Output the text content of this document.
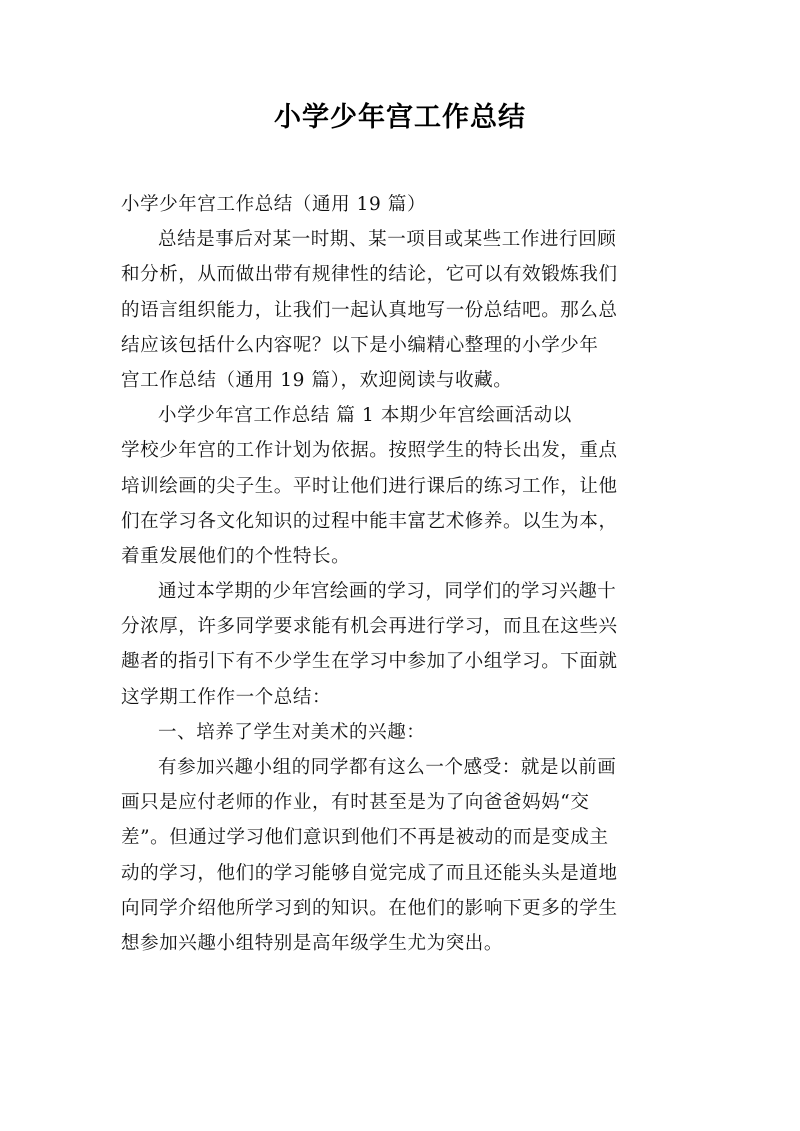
小学少年宫工作总结
小学少年宫工作总结（通用 19 篇）
总结是事后对某一时期、某一项目或某些工作进行回顾
和分析，从而做出带有规律性的结论，它可以有效锻炼我们
的语言组织能力，让我们一起认真地写一份总结吧。那么总
结应该包括什么内容呢？以下是小编精心整理的小学少年
宫工作总结（通用 19 篇），欢迎阅读与收藏。
小学少年宫工作总结 篇 1 本期少年宫绘画活动以
学校少年宫的工作计划为依据。按照学生的特长出发，重点
培训绘画的尖子生。平时让他们进行课后的练习工作，让他
们在学习各文化知识的过程中能丰富艺术修养。以生为本，
着重发展他们的个性特长。
通过本学期的少年宫绘画的学习，同学们的学习兴趣十
分浓厚，许多同学要求能有机会再进行学习，而且在这些兴
趣者的指引下有不少学生在学习中参加了小组学习。下面就
这学期工作作一个总结：
一、培养了学生对美术的兴趣：
有参加兴趣小组的同学都有这么一个感受：就是以前画
画只是应付老师的作业，有时甚至是为了向爸爸妈妈“交
差”。但通过学习他们意识到他们不再是被动的而是变成主
动的学习，他们的学习能够自觉完成了而且还能头头是道地
向同学介绍他所学习到的知识。在他们的影响下更多的学生
想参加兴趣小组特别是高年级学生尤为突出。
